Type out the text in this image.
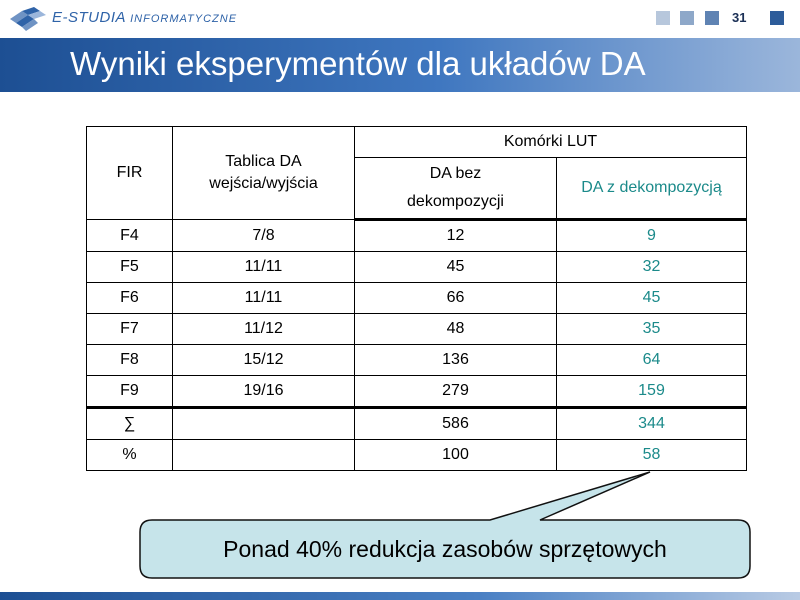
E-STUDIA INFORMATYCZNE	31
Wyniki eksperymentów dla układów DA
FIR	Tablica DA wejścia/wyjścia	Komórki LUT	
		DA bez dekompozycji	DA z dekompozycją
F4	7/8	12	9
F5	11/11	45	32
F6	11/11	66	45
F7	11/12	48	35
F8	15/12	136	64
F9	19/16	279	159
∑		586	344
%		100	58
Ponad 40% redukcja zasobów sprzętowych
